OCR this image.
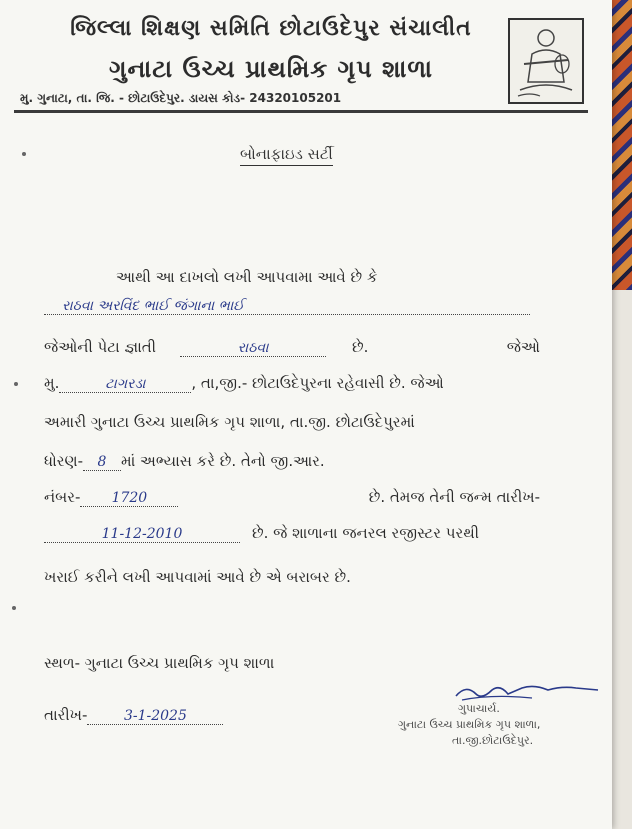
જિલ્લા શિક્ષણ સમિતિ છોટાઉદેપુર સંચાલીત
ગુનાટા ઉચ્ચ પ્રાથમિક ગૃપ શાળા
મુ. ગુનાટા, તા. જિ. - છોટાઉદેપુર. ડાયસ કોડ- 24320105201
બોનાફાઇડ સર્ટી
આથી આ દાખલો લખી આપવામા આવે છે કે
રાઠવા અરવિંદ ભાઈ જંગાના ભાઈ
જેઓની પેટા જ્ઞાતી	રાઠવા	છે.	જેઓ
મુ.	ટાગરડા	, તા,જી.- છોટાઉદેપુરના રહેવાસી છે. જેઓ
અમારી ગુનાટા ઉચ્ચ પ્રાથમિક ગૃપ શાળા, તા.જી. છોટાઉદેપુરમાં
ધોરણ-	8 માં અભ્યાસ કરે છે. તેનો જી.આર.
નંબર-	1720	છે. તેમજ તેની જન્મ તારીખ-
11-12-2010	છે. જે શાળાના જનરલ રજીસ્ટર પરથી
ખરાઈ કરીને લખી આપવામાં આવે છે એ બરાબર છે.
સ્થળ- ગુનાટા ઉચ્ચ પ્રાથમિક ગૃપ શાળા
તારીખ-	3-1-2025	ગુપાચાર્ય.
ગુનાટા ઉચ્ચ પ્રાથમિક ગૃપ શાળા,
તા.જી.છોટાઉદેપુર.
